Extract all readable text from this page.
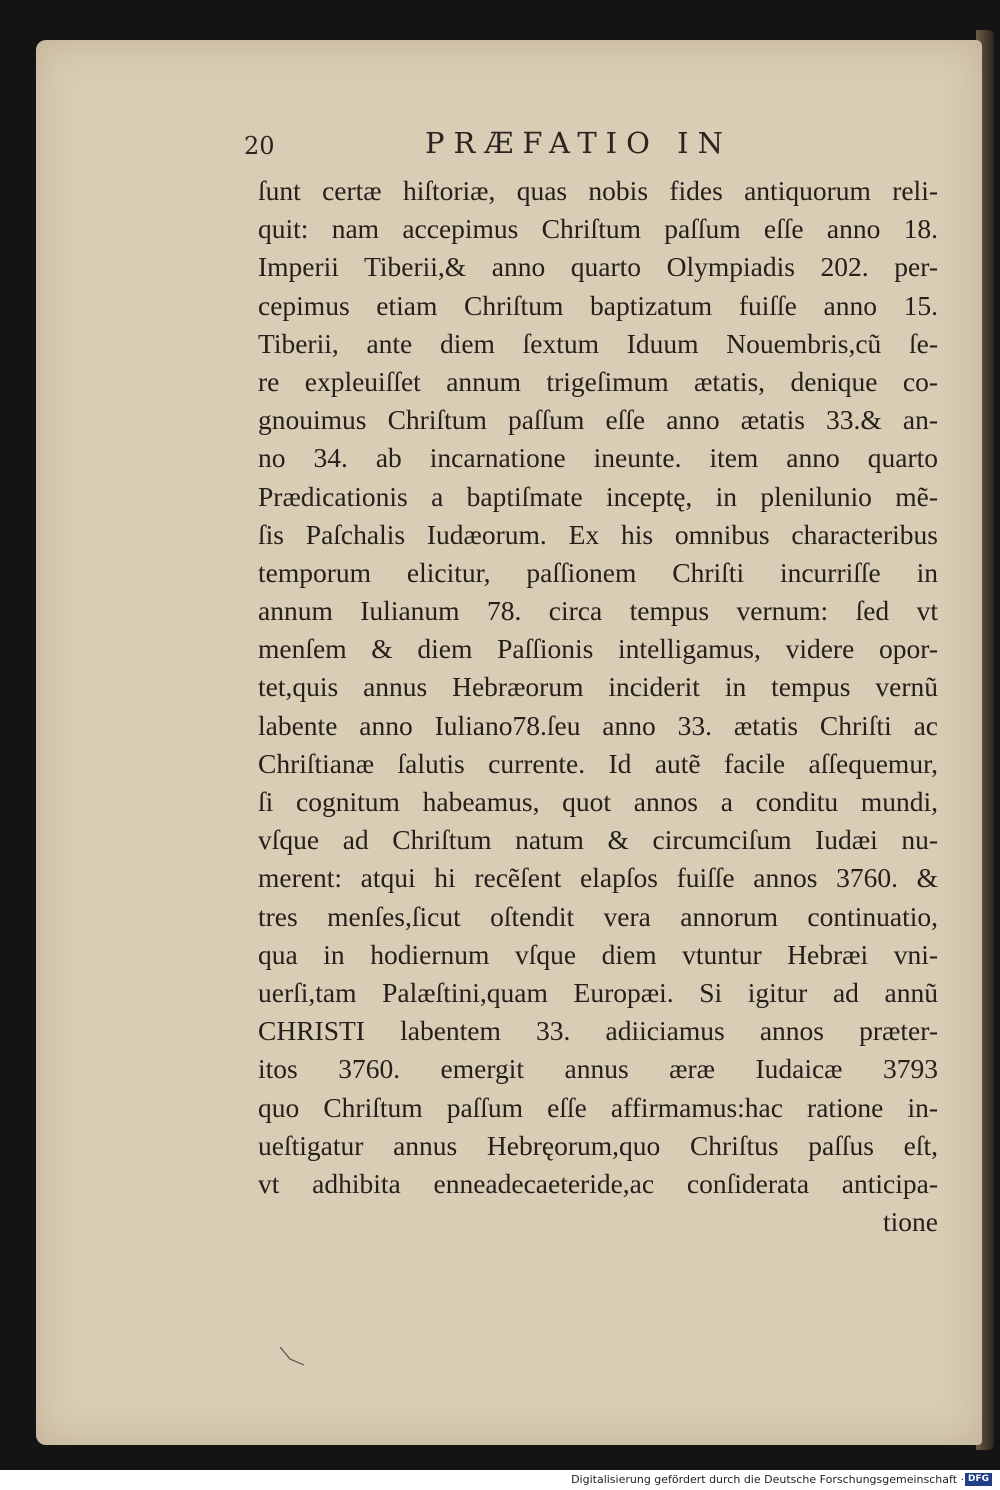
20	PRÆFATIO IN
ſunt certæ hiſtoriæ, quas nobis fides antiquorum reli-
quit: nam accepimus Chriſtum paſſum eſſe anno 18.
Imperii Tiberii,& anno quarto Olympiadis 202. per-
cepimus etiam Chriſtum baptizatum fuiſſe anno 15.
Tiberii, ante diem ſextum Iduum Nouembris,cũ ſe-
re expleuiſſet annum trigeſimum ætatis, denique co-
gnouimus Chriſtum paſſum eſſe anno ætatis 33.& an-
no 34. ab incarnatione ineunte. item anno quarto
Prædicationis a baptiſmate inceptę, in plenilunio mẽ-
ſis Paſchalis Iudæorum. Ex his omnibus characteribus
temporum elicitur, paſſionem Chriſti incurriſſe in
annum Iulianum 78. circa tempus vernum: ſed vt
menſem & diem Paſſionis intelligamus, videre opor-
tet,quis annus Hebræorum inciderit in tempus vernũ
labente anno Iuliano78.ſeu anno 33. ætatis Chriſti ac
Chriſtianæ ſalutis currente. Id autẽ facile aſſequemur,
ſi cognitum habeamus, quot annos a conditu mundi,
vſque ad Chriſtum natum & circumciſum Iudæi nu-
merent: atqui hi recẽſent elapſos fuiſſe annos 3760. &
tres menſes,ſicut oſtendit vera annorum continuatio,
qua in hodiernum vſque diem vtuntur Hebræi vni-
uerſi,tam Palæſtini,quam Europæi. Si igitur ad annũ
CHRISTI labentem 33. adiiciamus annos præter-
itos 3760. emergit annus æræ Iudaicæ 3793
quo Chriſtum paſſum eſſe affirmamus:hac ratione in-
ueſtigatur annus Hebręorum,quo Chriſtus paſſus eſt,
vt adhibita enneadecaeteride,ac conſiderata anticipa-
tione
Digitalisierung gefördert durch die Deutsche Forschungsgemeinschaft · DFG
